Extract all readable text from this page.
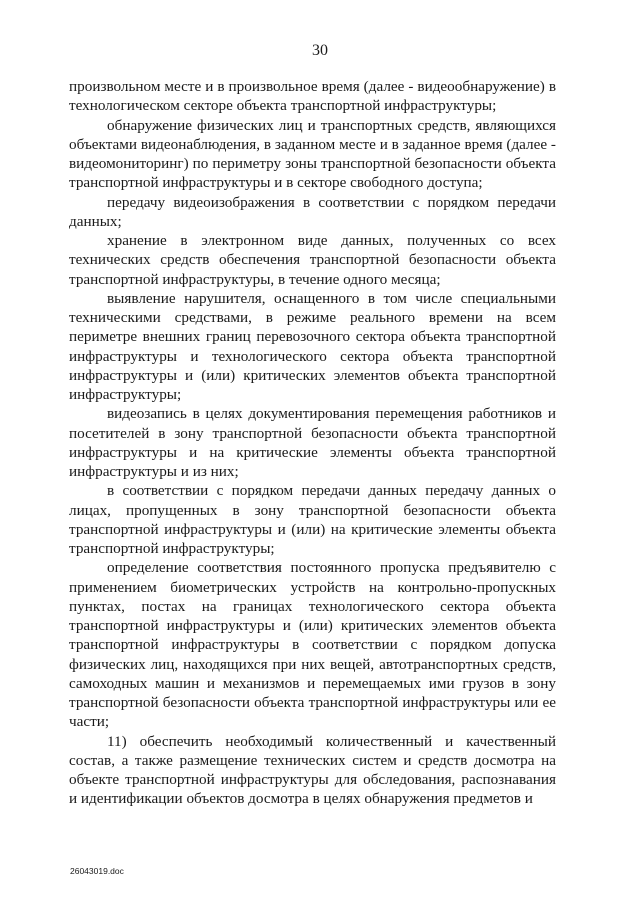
30

произвольном месте и в произвольное время (далее - видеообнаружение) в технологическом секторе объекта транспортной инфраструктуры;

обнаружение физических лиц и транспортных средств, являющихся объектами видеонаблюдения, в заданном месте и в заданное время (далее - видеомониторинг) по периметру зоны транспортной безопасности объекта транспортной инфраструктуры и в секторе свободного доступа;

передачу видеоизображения в соответствии с порядком передачи данных;

хранение в электронном виде данных, полученных со всех технических средств обеспечения транспортной безопасности объекта транспортной инфраструктуры, в течение одного месяца;

выявление нарушителя, оснащенного в том числе специальными техническими средствами, в режиме реального времени на всем периметре внешних границ перевозочного сектора объекта транспортной инфраструктуры и технологического сектора объекта транспортной инфраструктуры и (или) критических элементов объекта транспортной инфраструктуры;

видеозапись в целях документирования перемещения работников и посетителей в зону транспортной безопасности объекта транспортной инфраструктуры и на критические элементы объекта транспортной инфраструктуры и из них;

в соответствии с порядком передачи данных передачу данных о лицах, пропущенных в зону транспортной безопасности объекта транспортной инфраструктуры и (или) на критические элементы объекта транспортной инфраструктуры;

определение соответствия постоянного пропуска предъявителю с применением биометрических устройств на контрольно-пропускных пунктах, постах на границах технологического сектора объекта транспортной инфраструктуры и (или) критических элементов объекта транспортной инфраструктуры в соответствии с порядком допуска физических лиц, находящихся при них вещей, автотранспортных средств, самоходных машин и механизмов и перемещаемых ими грузов в зону транспортной безопасности объекта транспортной инфраструктуры или ее части;

11) обеспечить необходимый количественный и качественный состав, а также размещение технических систем и средств досмотра на объекте транспортной инфраструктуры для обследования, распознавания и идентификации объектов досмотра в целях обнаружения предметов и

26043019.doc
